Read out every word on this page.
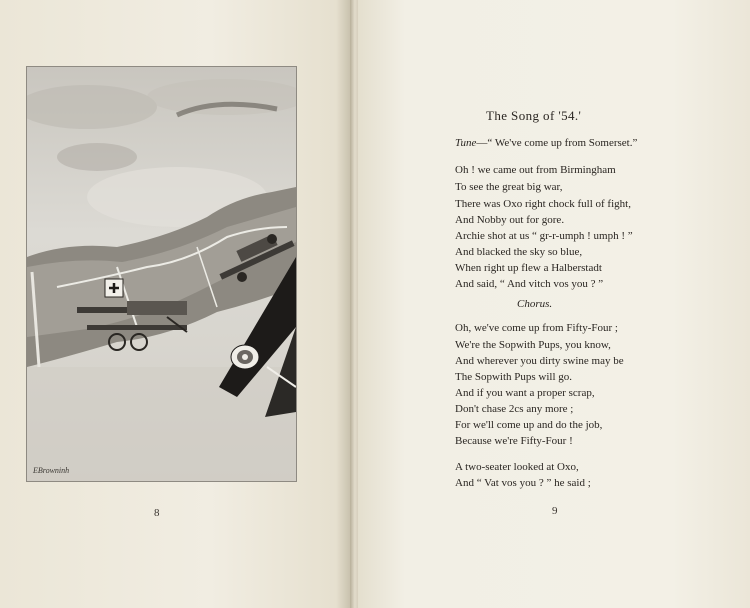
EBrowninh
8
The Song of '54.'
Tune—“ We've come up from Somerset.”
Oh ! we came out from Birmingham
To see the great big war,
There was Oxo right chock full of fight,
And Nobby out for gore.
Archie shot at us “ gr-r-umph ! umph ! ”
And blacked the sky so blue,
When right up flew a Halberstadt
And said, “ And vitch vos you ? ”
Chorus.
Oh, we've come up from Fifty-Four ;
We're the Sopwith Pups, you know,
And wherever you dirty swine may be
The Sopwith Pups will go.
And if you want a proper scrap,
Don't chase 2cs any more ;
For we'll come up and do the job,
Because we're Fifty-Four !
A two-seater looked at Oxo,
And “ Vat vos you ? ” he said ;
9
